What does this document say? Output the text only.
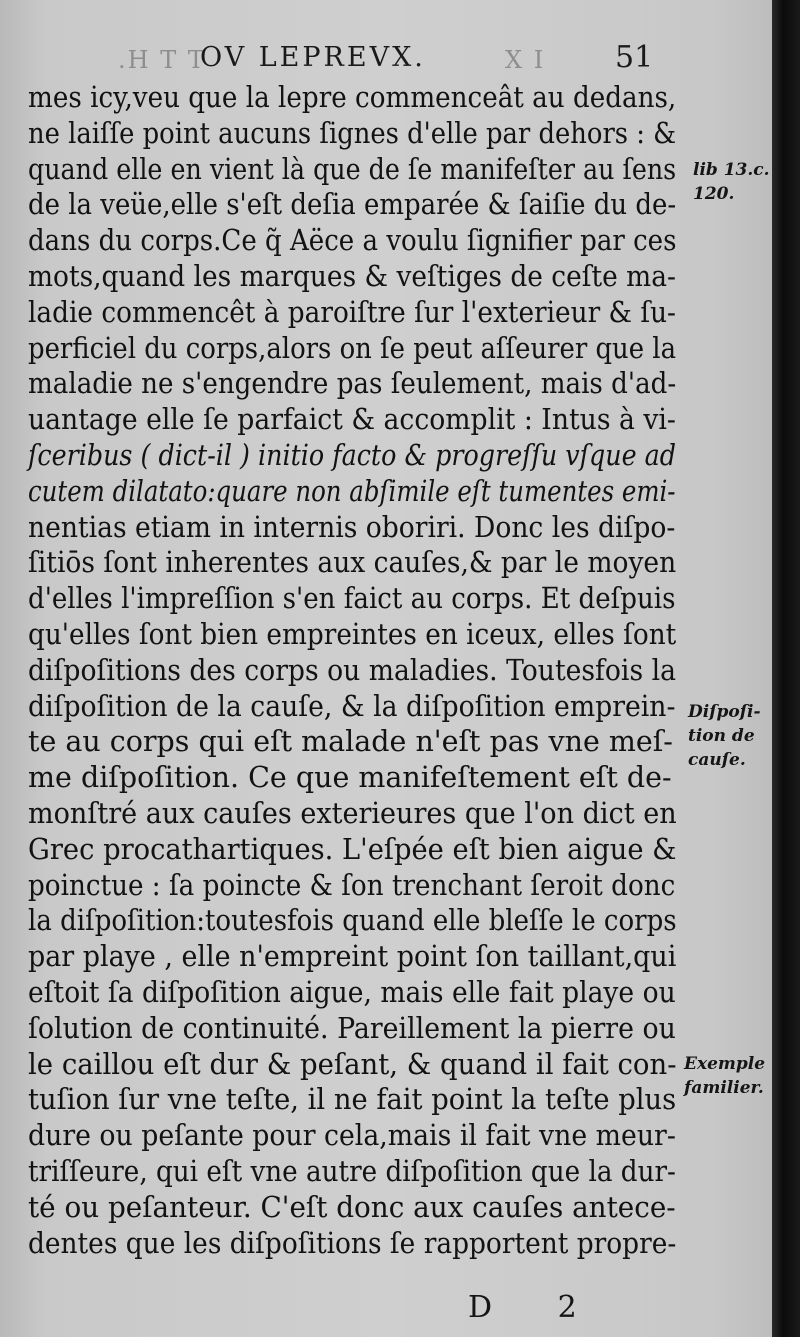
.H T T
OV LEPREVX.	X I 51
mes icy,veu que la lepre commenceât au dedans,
ne laiſſe point aucuns ſignes d'elle par dehors : &
quand elle en vient là que de ſe manifeſter au ſens
de la veüe,elle s'eſt deſia emparée & ſaiſie du de-
dans du corps.Ce q̃ Aëce a voulu ſignifier par ces
mots,quand les marques & veſtiges de ceſte ma-
ladie commencêt à paroiſtre ſur l'exterieur & ſu-
perficiel du corps,alors on ſe peut aſſeurer que la
maladie ne s'engendre pas ſeulement, mais d'ad-
uantage elle ſe parfaict & accomplit : Intus à vi-
ſceribus ( dict-il ) initio facto & progreſſu vſque ad
cutem dilatato:quare non abſimile eſt tumentes emi-
nentias etiam in internis oboriri. Donc les diſpo-
ſitiōs ſont inherentes aux cauſes,& par le moyen
d'elles l'impreſſion s'en faict au corps. Et deſpuis
qu'elles ſont bien empreintes en iceux, elles ſont
diſpoſitions des corps ou maladies. Toutesfois la
diſpoſition de la cauſe, & la diſpoſition emprein-
te au corps qui eſt malade n'eſt pas vne meſ-
me diſpoſition. Ce que manifeſtement eſt de-
monſtré aux cauſes exterieures que l'on dict en
Grec procathartiques. L'eſpée eſt bien aigue &
poinctue : ſa poincte & ſon trenchant ſeroit donc
la diſpoſition:toutesfois quand elle bleſſe le corps
par playe , elle n'empreint point ſon taillant,qui
eſtoit ſa diſpoſition aigue, mais elle fait playe ou
ſolution de continuité. Pareillement la pierre ou
le caillou eſt dur & peſant, & quand il fait con-
tuſion ſur vne teſte, il ne fait point la teſte plus
dure ou peſante pour cela,mais il fait vne meur-
triſſeure, qui eſt vne autre diſpoſition que la dur-
té ou peſanteur. C'eſt donc aux cauſes antece-
dentes que les diſpoſitions ſe rapportent propre-
lib 13.c.
120.
Diſpoſi-
tion de
cauſe.
Exemple
familier.
D 2
